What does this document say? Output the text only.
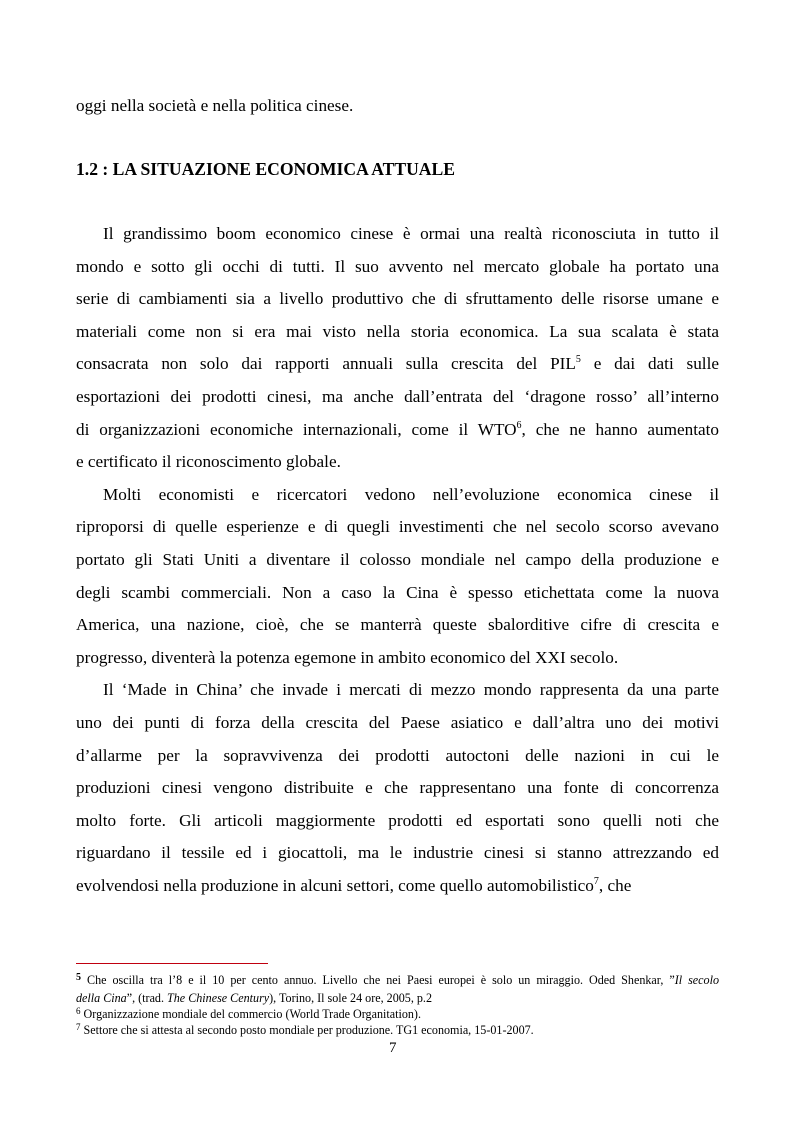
oggi nella società e nella politica cinese.
1.2 : LA SITUAZIONE ECONOMICA ATTUALE
Il grandissimo boom economico cinese è ormai una realtà riconosciuta in tutto il
mondo e sotto gli occhi di tutti. Il suo avvento nel mercato globale ha portato una
serie di cambiamenti sia a livello produttivo che di sfruttamento delle risorse umane e
materiali come non si era mai visto nella storia economica. La sua scalata è stata
consacrata non solo dai rapporti annuali sulla crescita del PIL$^5$ e dai dati sulle
esportazioni dei prodotti cinesi, ma anche dall’entrata del ‘dragone rosso’ all’interno
di organizzazioni economiche internazionali, come il WTO$^6$, che ne hanno aumentato
e certificato il riconoscimento globale.
Molti economisti e ricercatori vedono nell’evoluzione economica cinese il
riproporsi di quelle esperienze e di quegli investimenti che nel secolo scorso avevano
portato gli Stati Uniti a diventare il colosso mondiale nel campo della produzione e
degli scambi commerciali. Non a caso la Cina è spesso etichettata come la nuova
America, una nazione, cioè, che se manterrà queste sbalorditive cifre di crescita e
progresso, diventerà la potenza egemone in ambito economico del XXI secolo.
Il ‘Made in China’ che invade i mercati di mezzo mondo rappresenta da una parte
uno dei punti di forza della crescita del Paese asiatico e dall’altra uno dei motivi
d’allarme per la sopravvivenza dei prodotti autoctoni delle nazioni in cui le
produzioni cinesi vengono distribuite e che rappresentano una fonte di concorrenza
molto forte. Gli articoli maggiormente prodotti ed esportati sono quelli noti che
riguardano il tessile ed i giocattoli, ma le industrie cinesi si stanno attrezzando ed
evolvendosi nella produzione in alcuni settori, come quello automobilistico$^7$, che
$^5$ Che oscilla tra l’8 e il 10 per cento annuo. Livello che nei Paesi europei è solo un miraggio. Oded Shenkar, ”Il secolo
della Cina”, (trad. The Chinese Century), Torino, Il sole 24 ore, 2005, p.2
$^6$ Organizzazione mondiale del commercio (World Trade Organitation).
$^7$ Settore che si attesta al secondo posto mondiale per produzione. TG1 economia, 15-01-2007.
7
